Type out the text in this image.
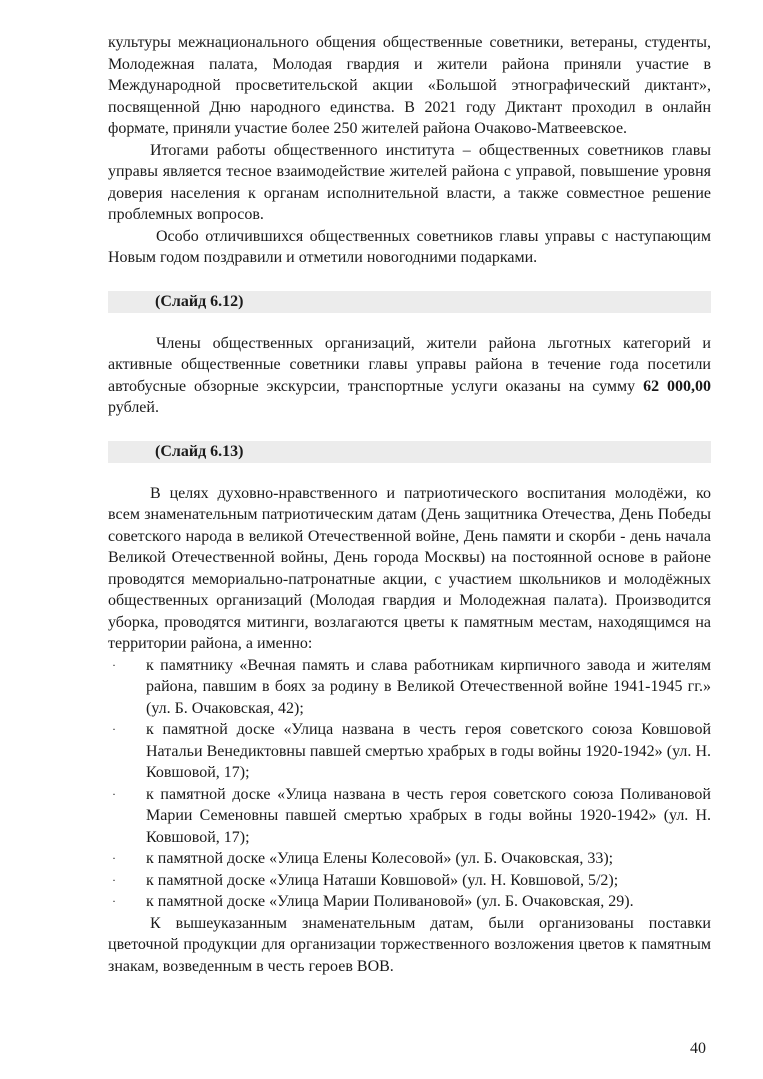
культуры межнационального общения общественные советники, ветераны, студенты, Молодежная палата, Молодая гвардия и жители района приняли участие в Международной просветительской акции «Большой этнографический диктант», посвященной Дню народного единства. В 2021 году Диктант проходил в онлайн формате, приняли участие более 250 жителей района Очаково-Матвеевское.

Итогами работы общественного института – общественных советников главы управы является тесное взаимодействие жителей района с управой, повышение уровня доверия населения к органам исполнительной власти, а также совместное решение проблемных вопросов.

Особо отличившихся общественных советников главы управы с наступающим Новым годом поздравили и отметили новогодними подарками.

(Слайд 6.12)

Члены общественных организаций, жители района льготных категорий и активные общественные советники главы управы района в течение года посетили автобусные обзорные экскурсии, транспортные услуги оказаны на сумму 62 000,00 рублей.

(Слайд 6.13)

В целях духовно-нравственного и патриотического воспитания молодёжи, ко всем знаменательным патриотическим датам (День защитника Отечества, День Победы советского народа в великой Отечественной войне, День памяти и скорби - день начала Великой Отечественной войны, День города Москвы) на постоянной основе в районе проводятся мемориально-патронатные акции, с участием школьников и молодёжных общественных организаций (Молодая гвардия и Молодежная палата). Производится уборка, проводятся митинги, возлагаются цветы к памятным местам, находящимся на территории района, а именно:

· к памятнику «Вечная память и слава работникам кирпичного завода и жителям района, павшим в боях за родину в Великой Отечественной войне 1941-1945 гг.» (ул. Б. Очаковская, 42);
· к памятной доске «Улица названа в честь героя советского союза Ковшовой Натальи Венедиктовны павшей смертью храбрых в годы войны 1920-1942» (ул. Н. Ковшовой, 17);
· к памятной доске «Улица названа в честь героя советского союза Поливановой Марии Семеновны павшей смертью храбрых в годы войны 1920-1942» (ул. Н. Ковшовой, 17);
· к памятной доске «Улица Елены Колесовой» (ул. Б. Очаковская, 33);
· к памятной доске «Улица Наташи Ковшовой» (ул. Н. Ковшовой, 5/2);
· к памятной доске «Улица Марии Поливановой» (ул. Б. Очаковская, 29).

К вышеуказанным знаменательным датам, были организованы поставки цветочной продукции для организации торжественного возложения цветов к памятным знакам, возведенным в честь героев ВОВ.

40
